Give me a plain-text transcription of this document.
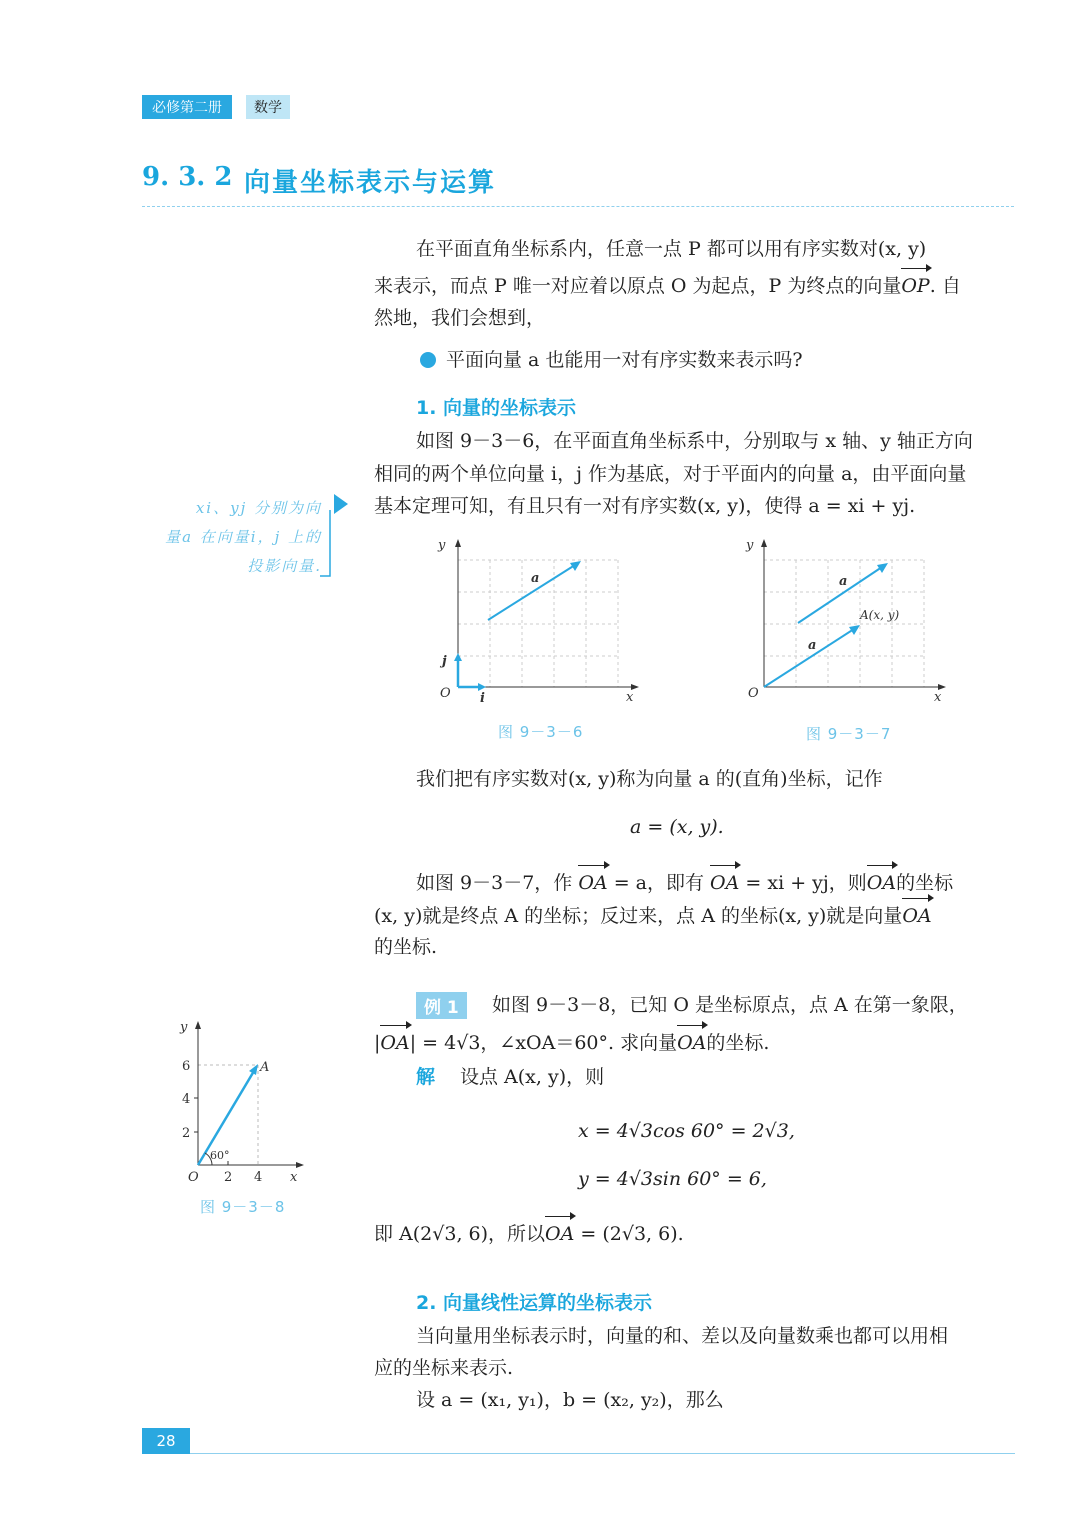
必修第二册	数学
9. 3. 2 向量坐标表示与运算
在平面直角坐标系内，任意一点 P 都可以用有序实数对(x, y)
来表示，而点 P 唯一对应着以原点 O 为起点，P 为终点的向量OP. 自
然地，我们会想到，
平面向量 a 也能用一对有序实数来表示吗?
1. 向量的坐标表示
如图 9－3－6，在平面直角坐标系中，分别取与 x 轴、y 轴正方向
相同的两个单位向量 i，j 作为基底，对于平面内的向量 a，由平面向量
基本定理可知，有且只有一对有序实数(x, y)，使得 a = xi + yj.
xi、yj 分别为向
量a 在向量i，j 上的
投影向量.
y
x
O
a
i
j
图 9－3－6
y
x
O
a
a
A(x, y)
图 9－3－7
我们把有序实数对(x, y)称为向量 a 的(直角)坐标，记作
a = (x, y).
如图 9－3－7，作 OA = a，即有 OA = xi + yj，则OA的坐标
(x, y)就是终点 A 的坐标；反过来，点 A 的坐标(x, y)就是向量OA
的坐标.
例 1	如图 9－3－8，已知 O 是坐标原点，点 A 在第一象限，
|OA| = 4√3，∠xOA＝60°. 求向量OA的坐标.
解 设点 A(x, y)，则
x = 4√3cos 60° = 2√3,
y = 4√3sin 60° = 6,
即 A(2√3, 6)，所以OA = (2√3, 6).
y
x
O
A
60°
6
4
2
2 4
图 9－3－8
2. 向量线性运算的坐标表示
当向量用坐标表示时，向量的和、差以及向量数乘也都可以用相
应的坐标来表示.
设 a = (x₁, y₁)，b = (x₂, y₂)，那么
28
